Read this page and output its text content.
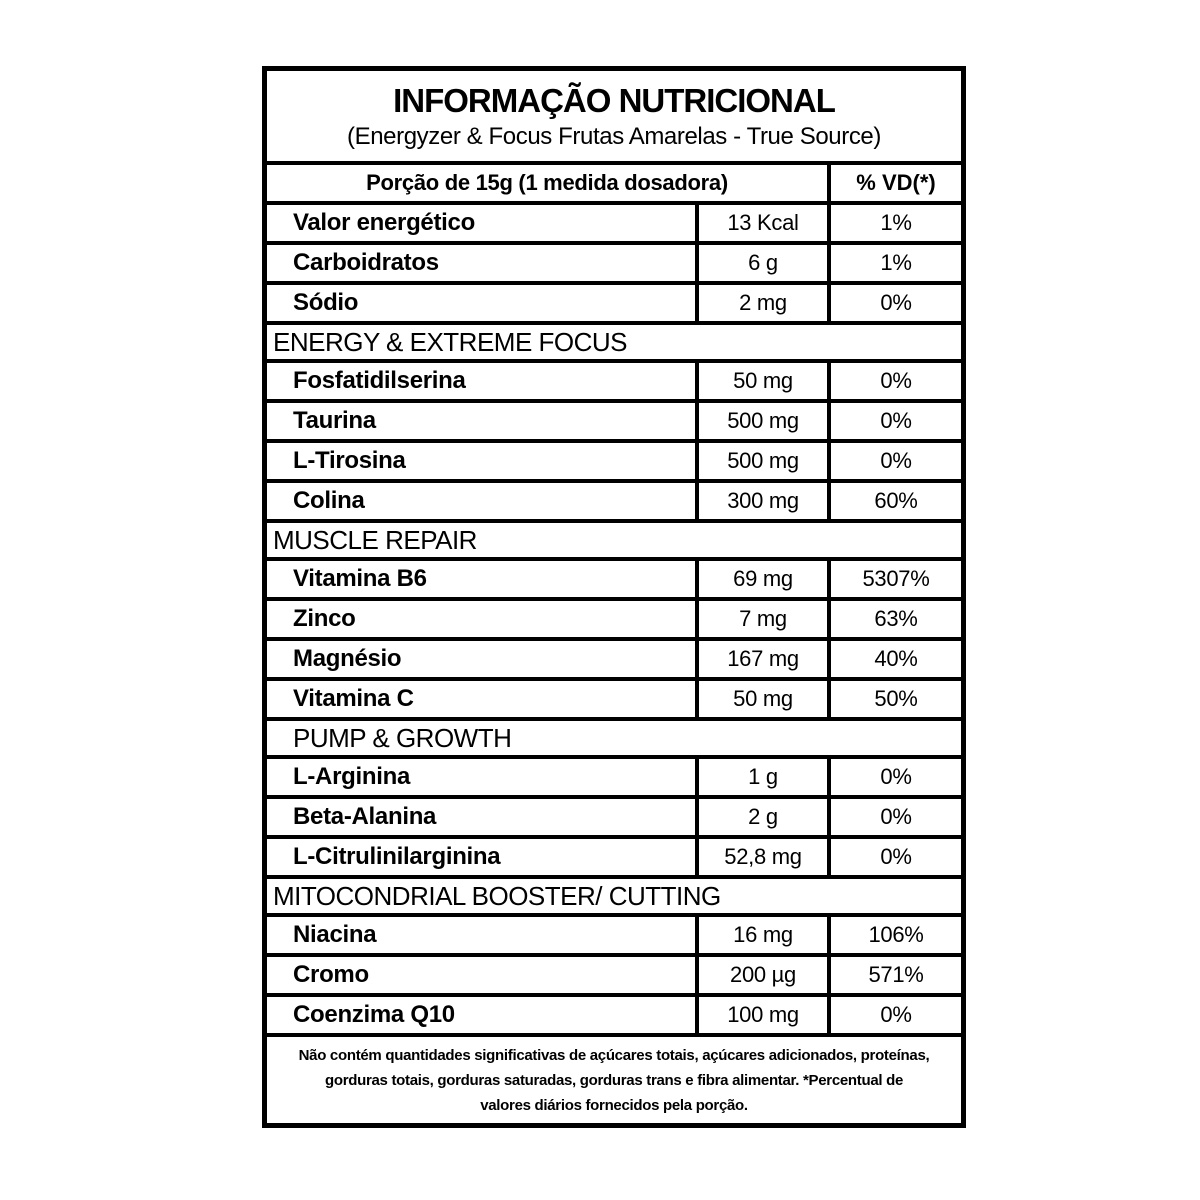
INFORMAÇÃO NUTRICIONAL
(Energyzer & Focus Frutas Amarelas - True Source)
Porção de 15g (1 medida dosadora)	% VD(*)
Valor energético	13 Kcal	1%
Carboidratos	6 g	1%
Sódio	2 mg	0%
ENERGY & EXTREME FOCUS
Fosfatidilserina	50 mg	0%
Taurina	500 mg	0%
L-Tirosina	500 mg	0%
Colina	300 mg	60%
MUSCLE REPAIR
Vitamina B6	69 mg	5307%
Zinco	7 mg	63%
Magnésio	167 mg	40%
Vitamina C	50 mg	50%
PUMP & GROWTH
L-Arginina	1 g	0%
Beta-Alanina	2 g	0%
L-Citrulinilarginina	52,8 mg	0%
MITOCONDRIAL BOOSTER/ CUTTING
Niacina	16 mg	106%
Cromo	200 µg	571%
Coenzima Q10	100 mg	0%
Não contém quantidades significativas de açúcares totais, açúcares adicionados, proteínas,
gorduras totais, gorduras saturadas, gorduras trans e fibra alimentar. *Percentual de
valores diários fornecidos pela porção.
